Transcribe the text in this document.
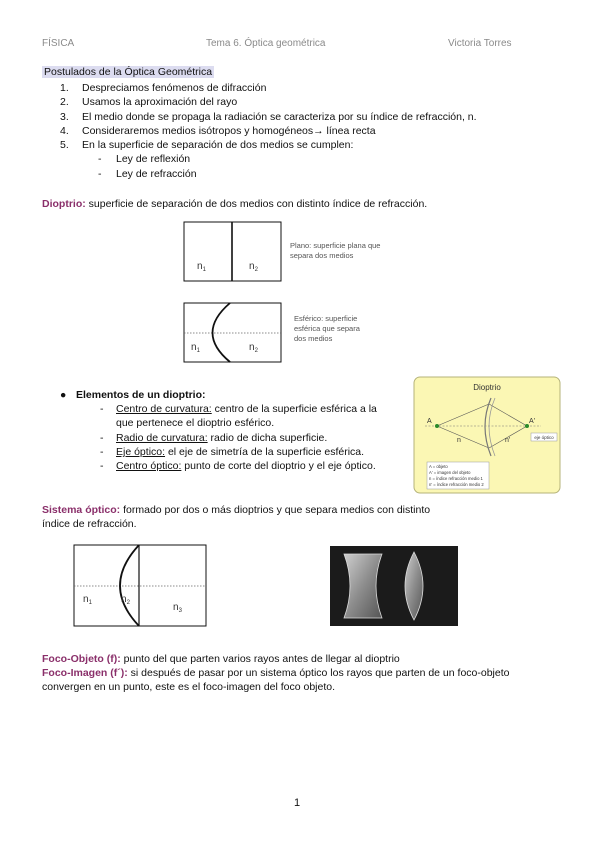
FÍSICA	Tema 6. Óptica geométrica	Victoria Torres
Postulados de la Óptica Geométrica
1. Despreciamos fenómenos de difracción
2. Usamos la aproximación del rayo
3. El medio donde se propaga la radiación se caracteriza por su índice de refracción, n.
4. Consideraremos medios isótropos y homogéneos→ línea recta
5. En la superficie de separación de dos medios se cumplen:
- Ley de reflexión
- Ley de refracción
Dioptrio: superficie de separación de dos medios con distinto índice de refracción.
$n_1$	$n_2$
Plano: superficie plana que
separa dos medios
$n_1$	$n_2$
Esférico: superficie
esférica que separa
dos medios
● Elementos de un dioptrio:
- Centro de curvatura: centro de la superficie esférica a la
que pertenece el dioptrio esférico.
- Radio de curvatura: radio de dicha superficie.
- Eje óptico: el eje de simetría de la superficie esférica.
- Centro óptico: punto de corte del dioptrio y el eje óptico.
Dioptrio
A	A'
n	n'	eje óptico
A = objeto
A' = imagen del objeto
n = índice refracción medio 1
n' = índice refracción medio 2
Sistema óptico: formado por dos o más dioptrios y que separa medios con distinto
índice de refracción.
$n_1$	$n_2$	$n_3$
Foco-Objeto (f): punto del que parten varios rayos antes de llegar al dioptrio
Foco-Imagen (f´): si después de pasar por un sistema óptico los rayos que parten de un foco-objeto
convergen en un punto, este es el foco-imagen del foco objeto.
1
